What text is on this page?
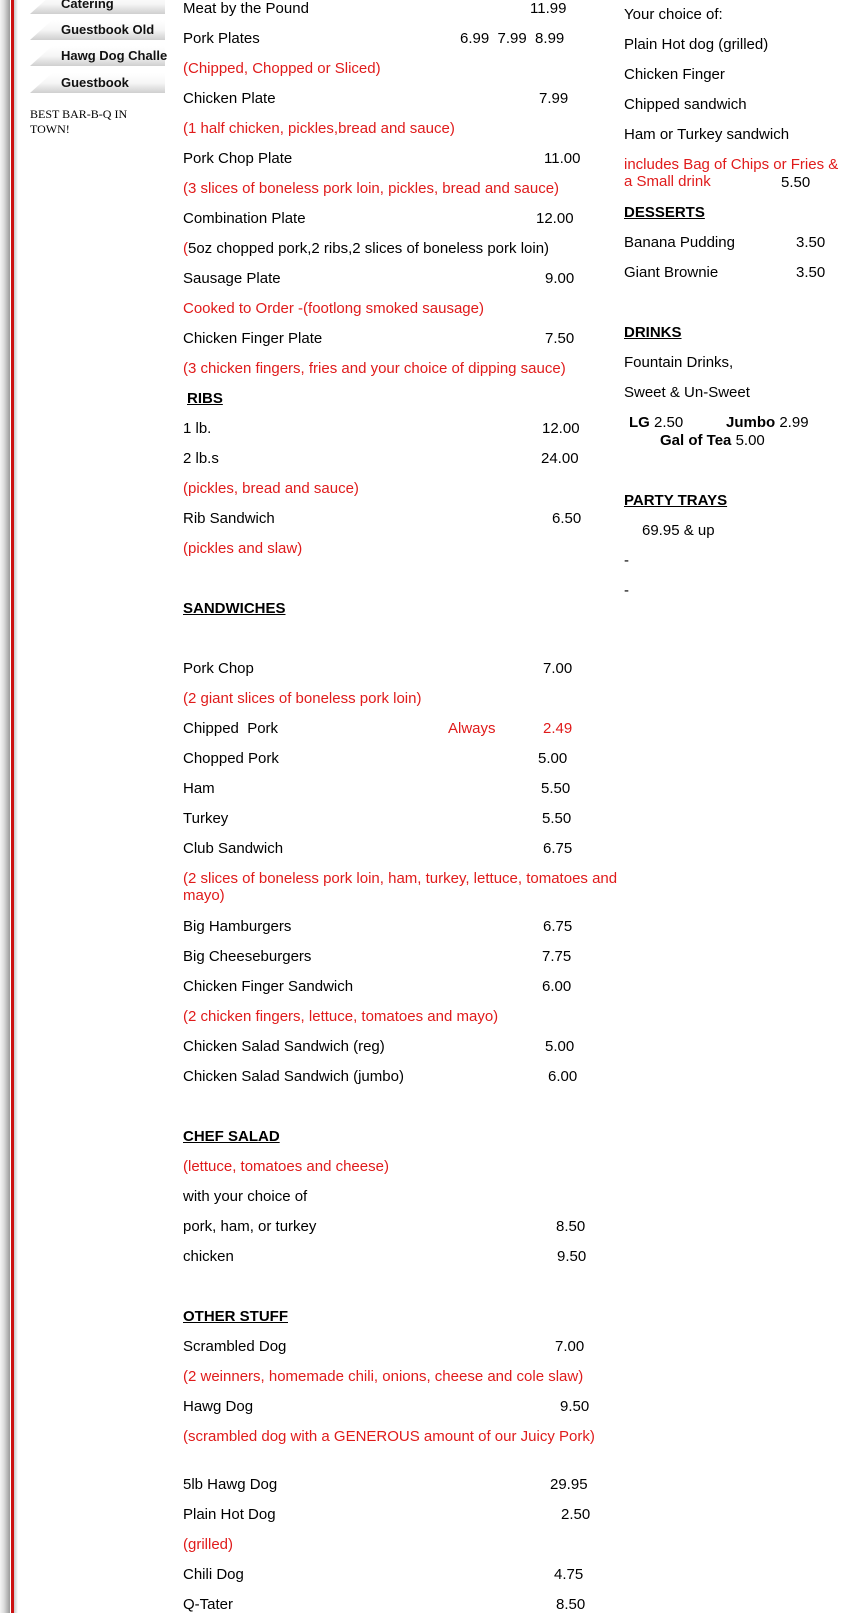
Catering
Guestbook Old
Hawg Dog Challe
Guestbook
BEST BAR-B-Q IN TOWN!
Meat by the Pound	11.99
Pork Plates	6.99  7.99  8.99
(Chipped, Chopped or Sliced)
Chicken Plate	7.99
(1 half chicken, pickles,bread and sauce)
Pork Chop Plate	11.00
(3 slices of boneless pork loin, pickles, bread and sauce)
Combination Plate	12.00
(5oz chopped pork,2 ribs,2 slices of boneless pork loin)
Sausage Plate	9.00
Cooked to Order -(footlong smoked sausage)
Chicken Finger Plate	7.50
(3 chicken fingers, fries and your choice of dipping sauce)
RIBS
1 lb.	12.00
2 lb.s	24.00
(pickles, bread and sauce)
Rib Sandwich	6.50
(pickles and slaw)
SANDWICHES
Pork Chop	7.00
(2 giant slices of boneless pork loin)
Chipped  Pork	Always	2.49
Chopped Pork	5.00
Ham	5.50
Turkey	5.50
Club Sandwich	6.75
(2 slices of boneless pork loin, ham, turkey, lettuce, tomatoes and mayo)
Big Hamburgers	6.75
Big Cheeseburgers	7.75
Chicken Finger Sandwich	6.00
(2 chicken fingers, lettuce, tomatoes and mayo)
Chicken Salad Sandwich (reg)	5.00
Chicken Salad Sandwich (jumbo)	6.00
CHEF SALAD
(lettuce, tomatoes and cheese)
with your choice of
pork, ham, or turkey	8.50
chicken	9.50
OTHER STUFF
Scrambled Dog	7.00
(2 weinners, homemade chili, onions, cheese and cole slaw)
Hawg Dog	9.50
(scrambled dog with a GENEROUS amount of our Juicy Pork)
5lb Hawg Dog	29.95
Plain Hot Dog	2.50
(grilled)
Chili Dog	4.75
Q-Tater	8.50
Your choice of:
Plain Hot dog (grilled)
Chicken Finger
Chipped sandwich
Ham or Turkey sandwich
includes Bag of Chips or Fries & a Small drink	5.50
DESSERTS
Banana Pudding	3.50
Giant Brownie	3.50
DRINKS
Fountain Drinks,
Sweet & Un-Sweet
LG 2.50	Jumbo 2.99
Gal of Tea 5.00
PARTY TRAYS
69.95 & up
-
-
